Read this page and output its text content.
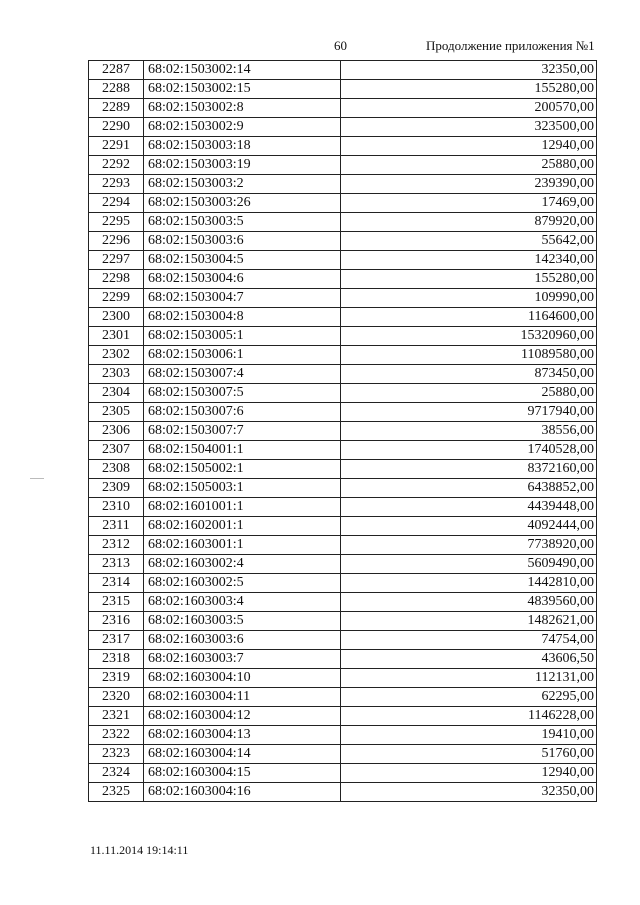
60	Продолжение приложения №1
2287	68:02:1503002:14	32350,00
2288	68:02:1503002:15	155280,00
2289	68:02:1503002:8	200570,00
2290	68:02:1503002:9	323500,00
2291	68:02:1503003:18	12940,00
2292	68:02:1503003:19	25880,00
2293	68:02:1503003:2	239390,00
2294	68:02:1503003:26	17469,00
2295	68:02:1503003:5	879920,00
2296	68:02:1503003:6	55642,00
2297	68:02:1503004:5	142340,00
2298	68:02:1503004:6	155280,00
2299	68:02:1503004:7	109990,00
2300	68:02:1503004:8	1164600,00
2301	68:02:1503005:1	15320960,00
2302	68:02:1503006:1	11089580,00
2303	68:02:1503007:4	873450,00
2304	68:02:1503007:5	25880,00
2305	68:02:1503007:6	9717940,00
2306	68:02:1503007:7	38556,00
2307	68:02:1504001:1	1740528,00
2308	68:02:1505002:1	8372160,00
2309	68:02:1505003:1	6438852,00
2310	68:02:1601001:1	4439448,00
2311	68:02:1602001:1	4092444,00
2312	68:02:1603001:1	7738920,00
2313	68:02:1603002:4	5609490,00
2314	68:02:1603002:5	1442810,00
2315	68:02:1603003:4	4839560,00
2316	68:02:1603003:5	1482621,00
2317	68:02:1603003:6	74754,00
2318	68:02:1603003:7	43606,50
2319	68:02:1603004:10	112131,00
2320	68:02:1603004:11	62295,00
2321	68:02:1603004:12	1146228,00
2322	68:02:1603004:13	19410,00
2323	68:02:1603004:14	51760,00
2324	68:02:1603004:15	12940,00
2325	68:02:1603004:16	32350,00
11.11.2014 19:14:11
